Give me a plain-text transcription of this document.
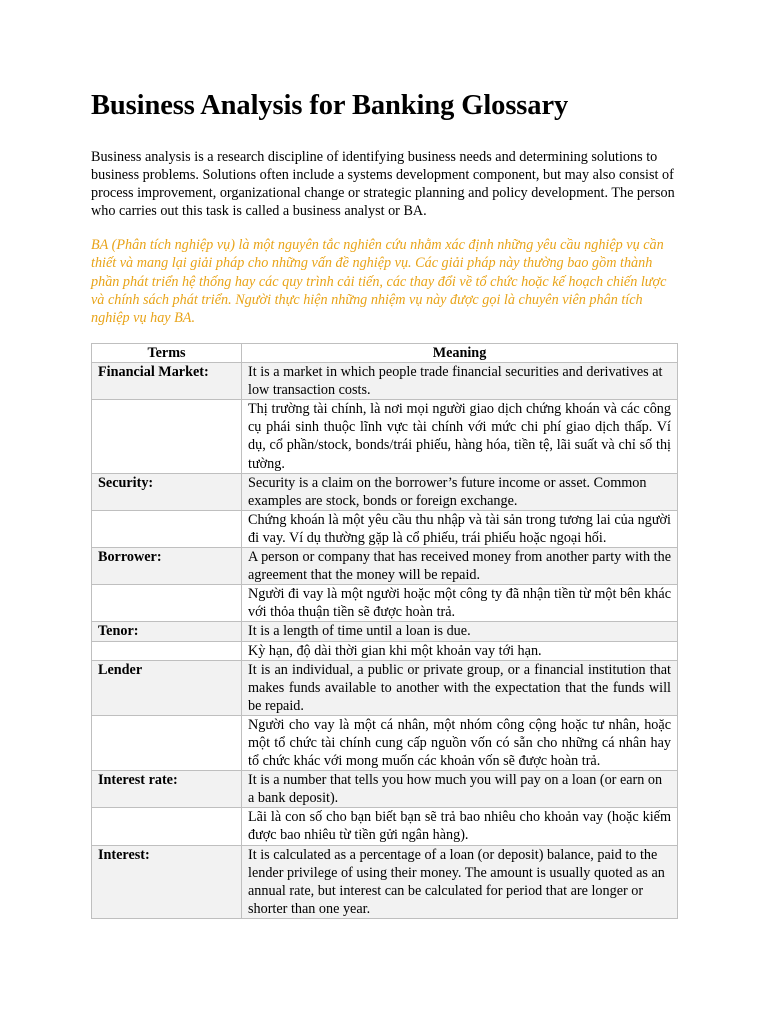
Business Analysis for Banking Glossary

Business analysis is a research discipline of identifying business needs and determining solutions to business problems. Solutions often include a systems development component, but may also consist of process improvement, organizational change or strategic planning and policy development. The person who carries out this task is called a business analyst or BA.

BA (Phân tích nghiệp vụ) là một nguyên tắc nghiên cứu nhằm xác định những yêu cầu nghiệp vụ cần thiết và mang lại giải pháp cho những vấn đề nghiệp vụ. Các giải pháp này thường bao gồm thành phần phát triển hệ thống hay các quy trình cải tiến, các thay đổi về tổ chức hoặc kế hoạch chiến lược và chính sách phát triển. Người thực hiện những nhiệm vụ này được gọi là chuyên viên phân tích nghiệp vụ hay BA.

Terms	Meaning
Financial Market:	It is a market in which people trade financial securities and derivatives at low transaction costs.
	Thị trường tài chính, là nơi mọi người giao dịch chứng khoán và các công cụ phái sinh thuộc lĩnh vực tài chính với mức chi phí giao dịch thấp. Ví dụ, cổ phần/stock, bonds/trái phiếu, hàng hóa, tiền tệ, lãi suất và chỉ số thị tường.
Security:	Security is a claim on the borrower’s future income or asset. Common examples are stock, bonds or foreign exchange.
	Chứng khoán là một yêu cầu thu nhập và tài sản trong tương lai của người đi vay. Ví dụ thường gặp là cổ phiếu, trái phiếu hoặc ngoại hối.
Borrower:	A person or company that has received money from another party with the agreement that the money will be repaid.
	Người đi vay là một người hoặc một công ty đã nhận tiền từ một bên khác với thỏa thuận tiền sẽ được hoàn trả.
Tenor:	It is a length of time until a loan is due.
	Kỳ hạn, độ dài thời gian khi một khoản vay tới hạn.
Lender	It is an individual, a public or private group, or a financial institution that makes funds available to another with the expectation that the funds will be repaid.
	Người cho vay là một cá nhân, một nhóm công cộng hoặc tư nhân, hoặc một tổ chức tài chính cung cấp nguồn vốn có sẵn cho những cá nhân hay tổ chức khác với mong muốn các khoản vốn sẽ được hoàn trả.
Interest rate:	It is a number that tells you how much you will pay on a loan (or earn on a bank deposit).
	Lãi là con số cho bạn biết bạn sẽ trả bao nhiêu cho khoản vay (hoặc kiếm được bao nhiêu từ tiền gửi ngân hàng).
Interest:	It is calculated as a percentage of a loan (or deposit) balance, paid to the lender privilege of using their money. The amount is usually quoted as an annual rate, but interest can be calculated for period that are longer or shorter than one year.
